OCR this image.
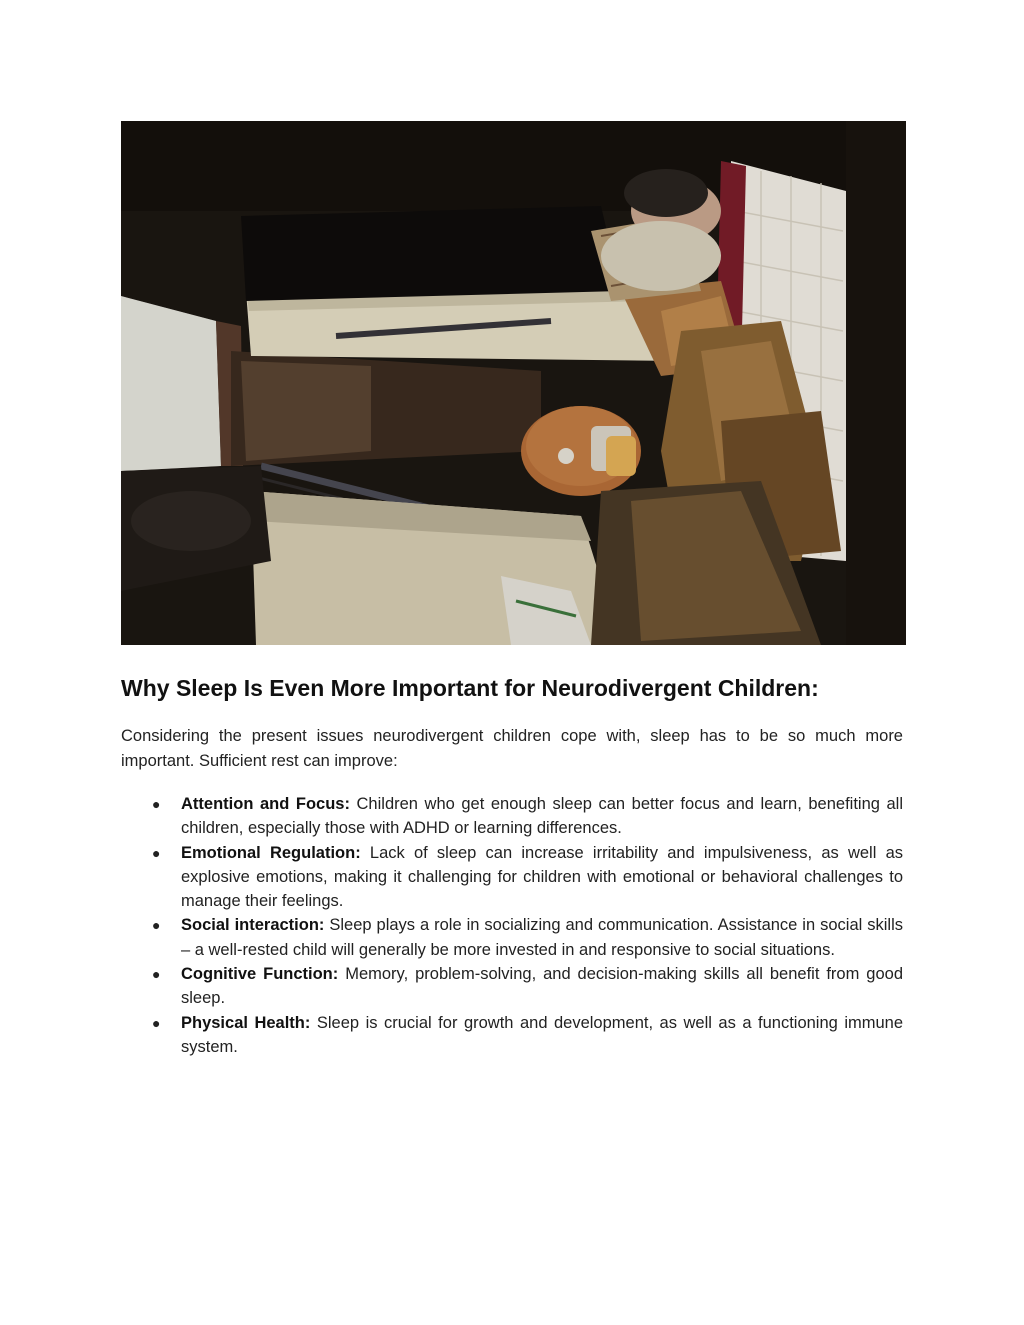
Why Sleep Is Even More Important for Neurodivergent Children:

Considering the present issues neurodivergent children cope with, sleep has to be so much more important. Sufficient rest can improve:

● Attention and Focus: Children who get enough sleep can better focus and learn, benefiting all children, especially those with ADHD or learning differences.
● Emotional Regulation: Lack of sleep can increase irritability and impulsiveness, as well as explosive emotions, making it challenging for children with emotional or behavioral challenges to manage their feelings.
● Social interaction: Sleep plays a role in socializing and communication. Assistance in social skills – a well-rested child will generally be more invested in and responsive to social situations.
● Cognitive Function: Memory, problem-solving, and decision-making skills all benefit from good sleep.
● Physical Health: Sleep is crucial for growth and development, as well as a functioning immune system.
